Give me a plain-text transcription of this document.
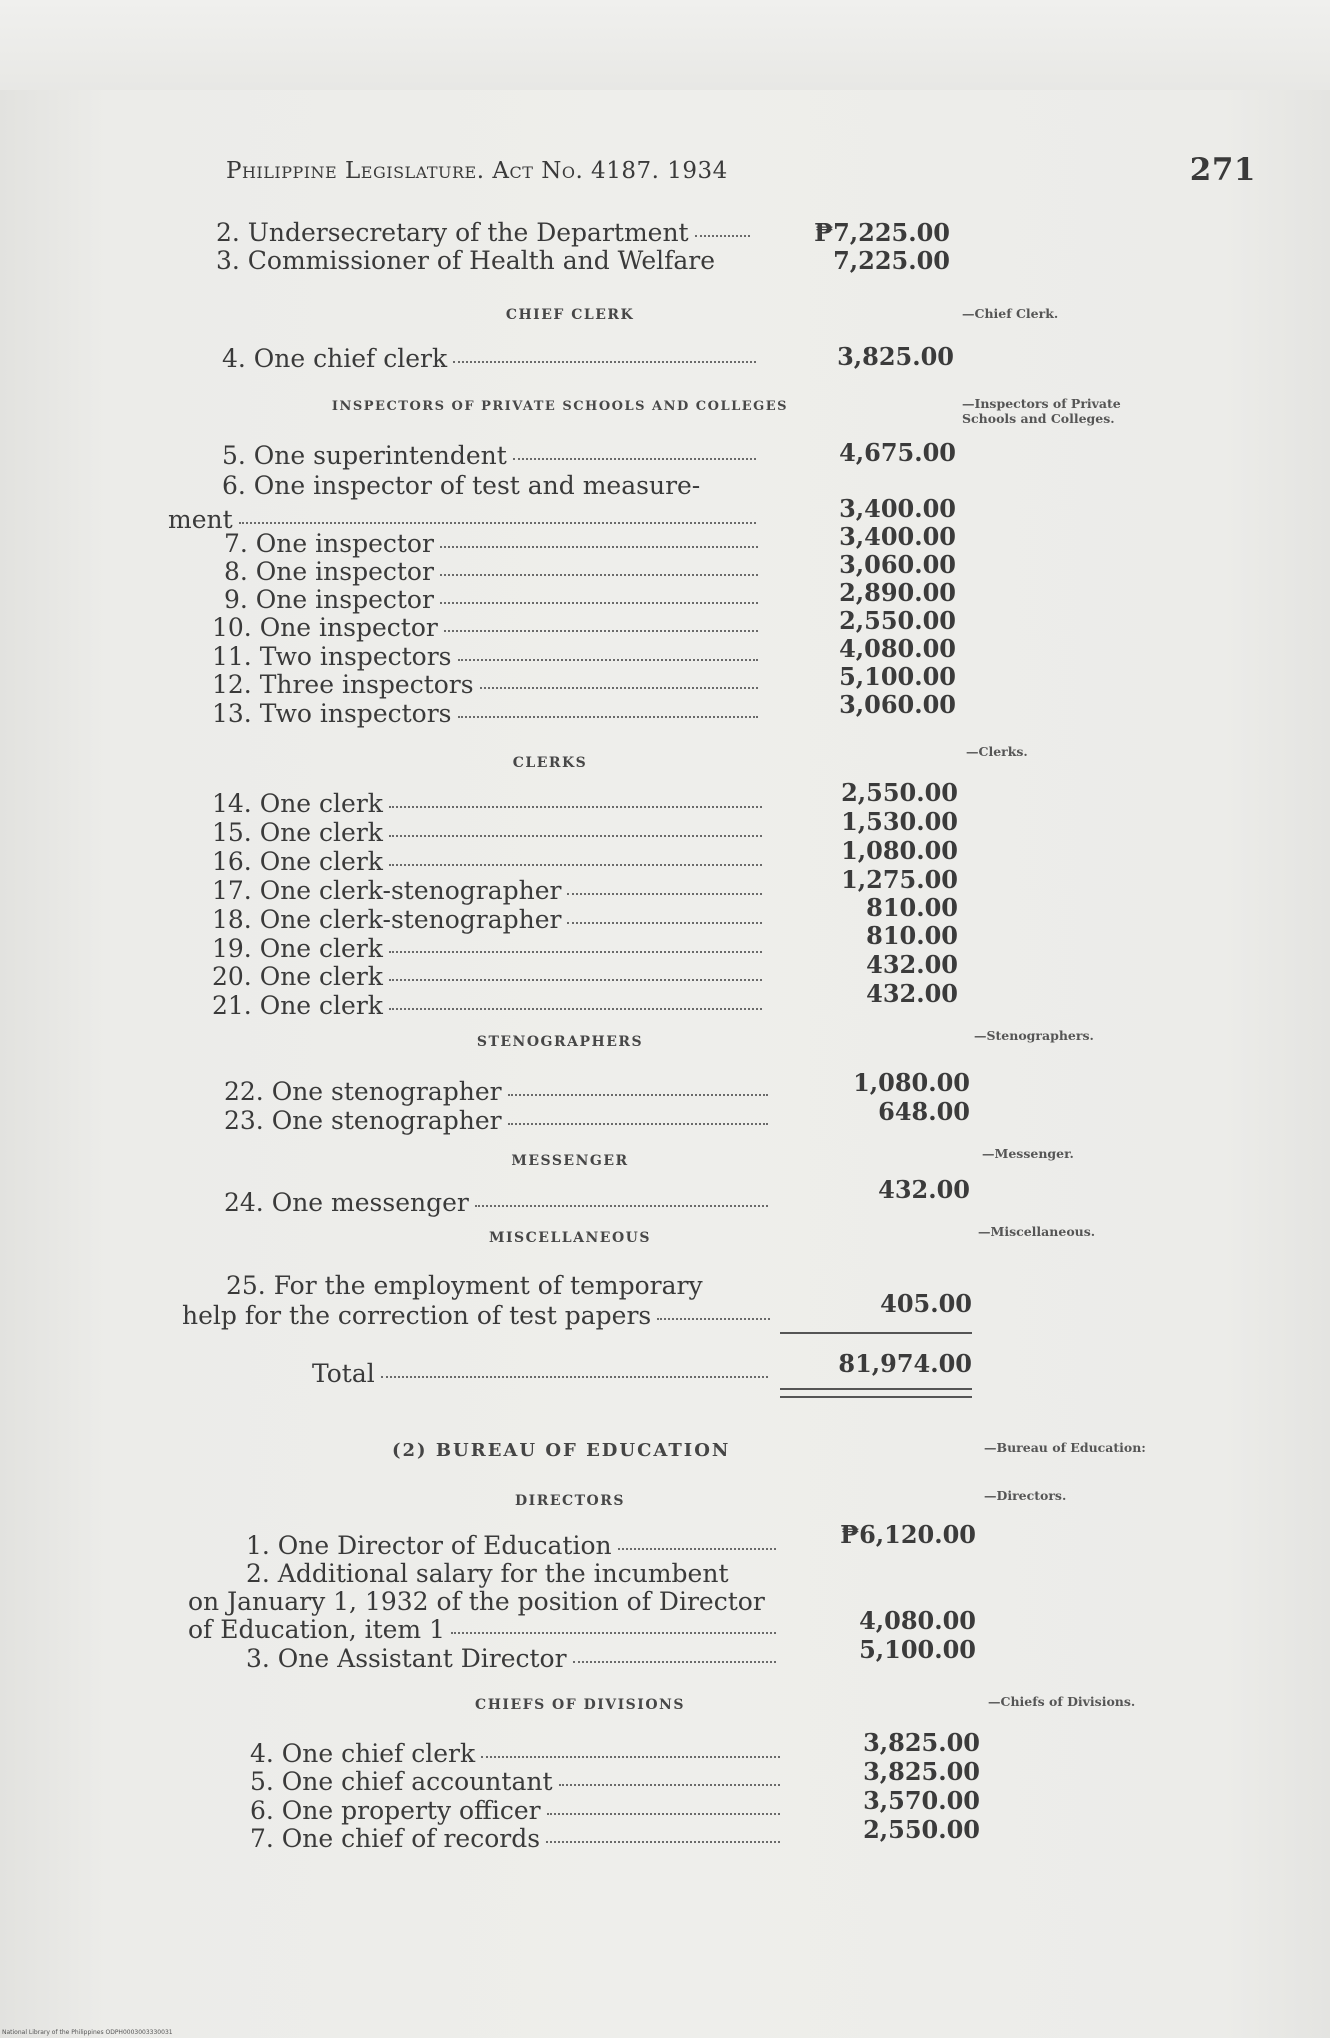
Philippine Legislature. Act No. 4187. 1934	271
2. Undersecretary of the Department	₱7,225.00
3. Commissioner of Health and Welfare	7,225.00
CHIEF CLERK	—Chief Clerk.
4. One chief clerk	3,825.00
INSPECTORS OF PRIVATE SCHOOLS AND COLLEGES	—Inspectors of Private Schools and Colleges.
5. One superintendent	4,675.00
6. One inspector of test and measure-
ment	3,400.00
7. One inspector	3,400.00
8. One inspector	3,060.00
9. One inspector	2,890.00
10. One inspector	2,550.00
11. Two inspectors	4,080.00
12. Three inspectors	5,100.00
13. Two inspectors	3,060.00
CLERKS
—Clerks.
14. One clerk	2,550.00
15. One clerk	1,530.00
16. One clerk	1,080.00
17. One clerk-stenographer	1,275.00
18. One clerk-stenographer	810.00
19. One clerk	810.00
20. One clerk	432.00
21. One clerk	432.00
STENOGRAPHERS	—Stenographers.
22. One stenographer	1,080.00
23. One stenographer	648.00
MESSENGER	—Messenger.
24. One messenger	432.00
MISCELLANEOUS	—Miscellaneous.
25. For the employment of temporary
help for the correction of test papers	405.00
Total	81,974.00
(2) BUREAU OF EDUCATION	—Bureau of Education:
DIRECTORS	—Directors.
1. One Director of Education	₱6,120.00
2. Additional salary for the incumbent
on January 1, 1932 of the position of Director
of Education, item 1	4,080.00
3. One Assistant Director	5,100.00
CHIEFS OF DIVISIONS	—Chiefs of Divisions.
4. One chief clerk	3,825.00
5. One chief accountant	3,825.00
6. One property officer	3,570.00
7. One chief of records	2,550.00
National Library of the Philippines ODPH0003003330031
